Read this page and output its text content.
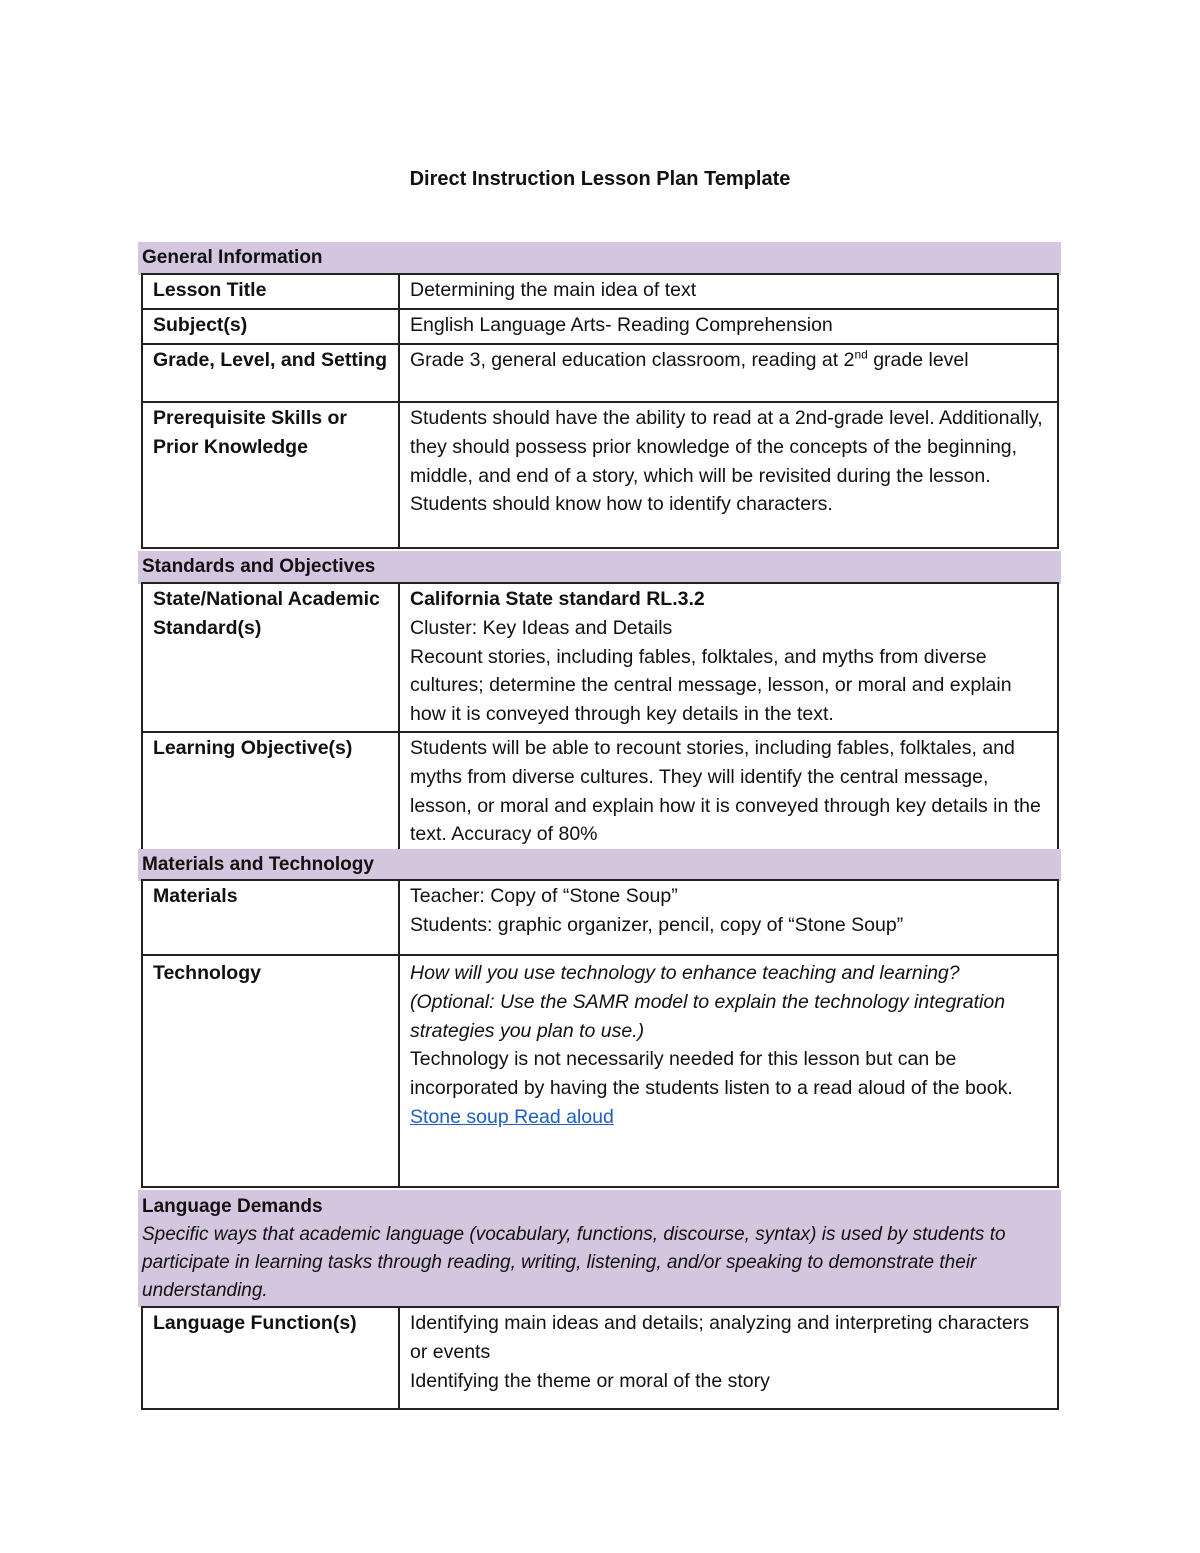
Direct Instruction Lesson Plan Template
General Information
Lesson Title	Determining the main idea of text
Subject(s)	English Language Arts- Reading Comprehension
Grade, Level, and Setting	Grade 3, general education classroom, reading at 2nd grade level
Prerequisite Skills or Prior Knowledge	Students should have the ability to read at a 2nd-grade level. Additionally, they should possess prior knowledge of the concepts of the beginning, middle, and end of a story, which will be revisited during the lesson. Students should know how to identify characters.
Standards and Objectives
State/National Academic Standard(s)	California State standard RL.3.2
Cluster: Key Ideas and Details
Recount stories, including fables, folktales, and myths from diverse cultures; determine the central message, lesson, or moral and explain how it is conveyed through key details in the text.

Learning Objective(s)	Students will be able to recount stories, including fables, folktales, and myths from diverse cultures. They will identify the central message, lesson, or moral and explain how it is conveyed through key details in the text. Accuracy of 80%
Materials and Technology
Materials	Teacher: Copy of “Stone Soup”
Students: graphic organizer, pencil, copy of “Stone Soup”

Technology	How will you use technology to enhance teaching and learning? (Optional: Use the SAMR model to explain the technology integration strategies you plan to use.)
Technology is not necessarily needed for this lesson but can be incorporated by having the students listen to a read aloud of the book.
Stone soup Read aloud
Language Demands
Specific ways that academic language (vocabulary, functions, discourse, syntax) is used by students to participate in learning tasks through reading, writing, listening, and/or speaking to demonstrate their understanding.
Language Function(s)	Identifying main ideas and details; analyzing and interpreting characters or events
Identifying the theme or moral of the story
